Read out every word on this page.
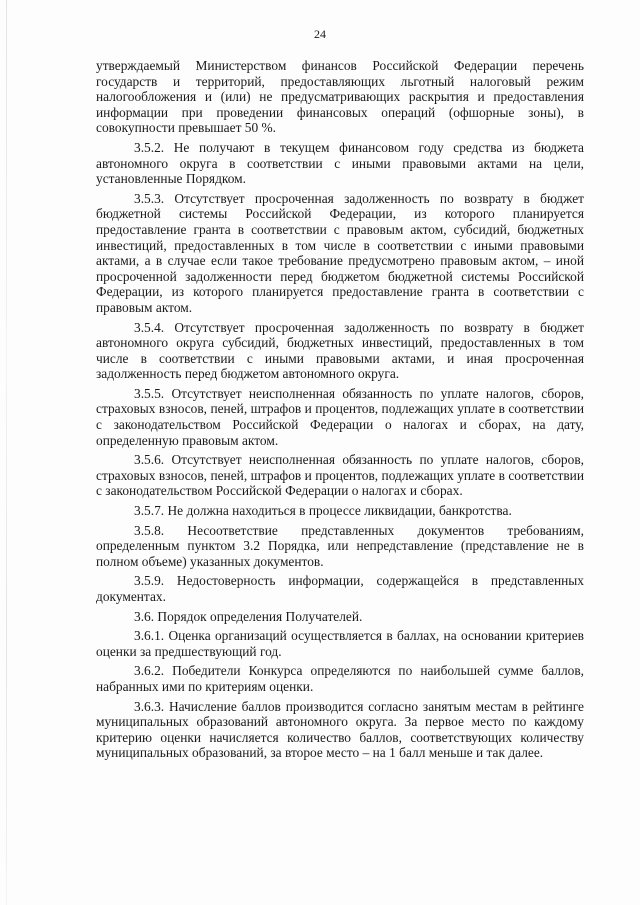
24

утверждаемый Министерством финансов Российской Федерации перечень государств и территорий, предоставляющих льготный налоговый режим налогообложения и (или) не предусматривающих раскрытия и предоставления информации при проведении финансовых операций (офшорные зоны), в совокупности превышает 50 %.

3.5.2. Не получают в текущем финансовом году средства из бюджета автономного округа в соответствии с иными правовыми актами на цели, установленные Порядком.

3.5.3. Отсутствует просроченная задолженность по возврату в бюджет бюджетной системы Российской Федерации, из которого планируется предоставление гранта в соответствии с правовым актом, субсидий, бюджетных инвестиций, предоставленных в том числе в соответствии с иными правовыми актами, а в случае если такое требование предусмотрено правовым актом, – иной просроченной задолженности перед бюджетом бюджетной системы Российской Федерации, из которого планируется предоставление гранта в соответствии с правовым актом.

3.5.4. Отсутствует просроченная задолженность по возврату в бюджет автономного округа субсидий, бюджетных инвестиций, предоставленных в том числе в соответствии с иными правовыми актами, и иная просроченная задолженность перед бюджетом автономного округа.

3.5.5. Отсутствует неисполненная обязанность по уплате налогов, сборов, страховых взносов, пеней, штрафов и процентов, подлежащих уплате в соответствии с законодательством Российской Федерации о налогах и сборах, на дату, определенную правовым актом.

3.5.6. Отсутствует неисполненная обязанность по уплате налогов, сборов, страховых взносов, пеней, штрафов и процентов, подлежащих уплате в соответствии с законодательством Российской Федерации о налогах и сборах.

3.5.7. Не должна находиться в процессе ликвидации, банкротства.

3.5.8. Несоответствие представленных документов требованиям, определенным пунктом 3.2 Порядка, или непредставление (представление не в полном объеме) указанных документов.

3.5.9. Недостоверность информации, содержащейся в представленных документах.

3.6. Порядок определения Получателей.

3.6.1. Оценка организаций осуществляется в баллах, на основании критериев оценки за предшествующий год.

3.6.2. Победители Конкурса определяются по наибольшей сумме баллов, набранных ими по критериям оценки.

3.6.3. Начисление баллов производится согласно занятым местам в рейтинге муниципальных образований автономного округа. За первое место по каждому критерию оценки начисляется количество баллов, соответствующих количеству муниципальных образований, за второе место – на 1 балл меньше и так далее.
